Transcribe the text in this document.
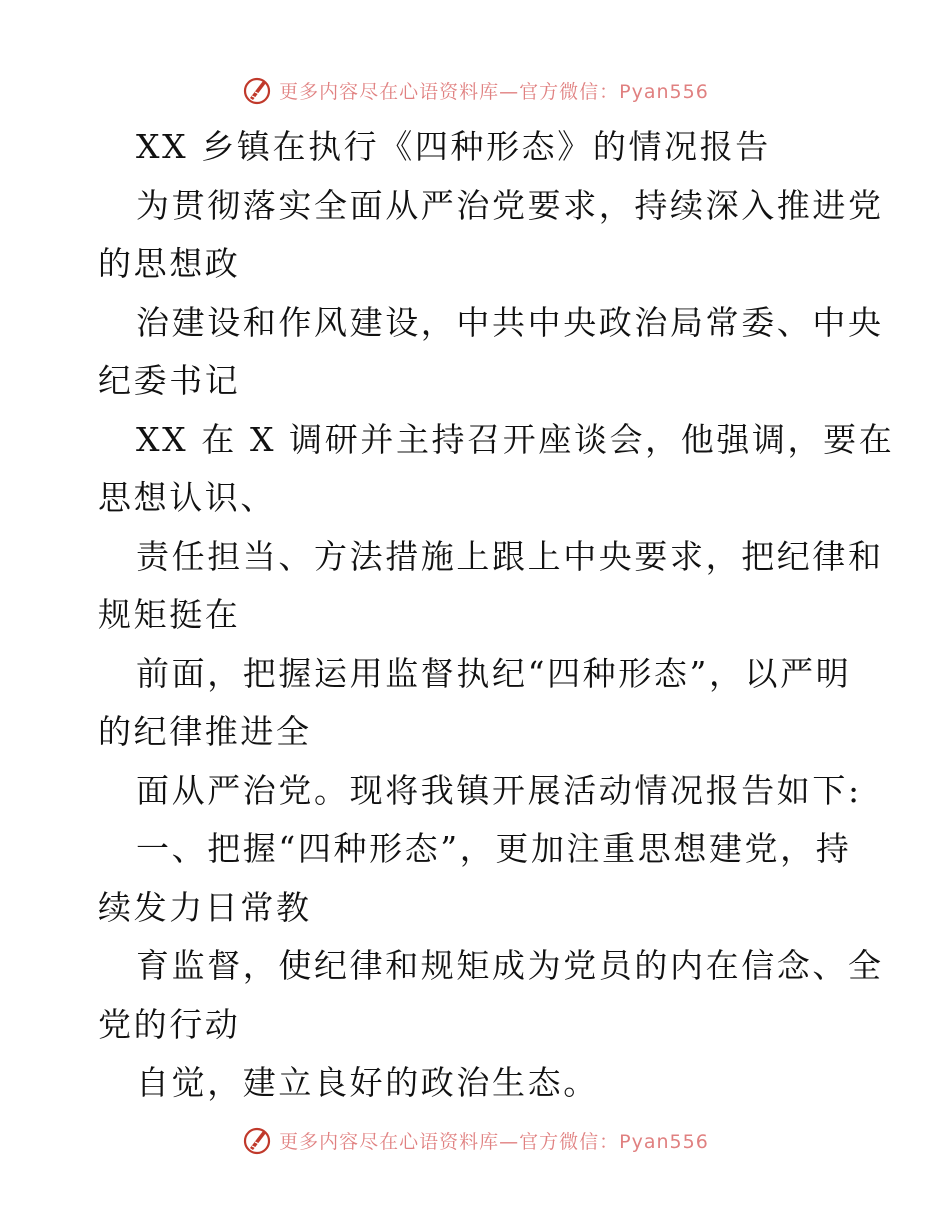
更多内容尽在心语资料库—官方微信：Pyan556
XX 乡镇在执行《四种形态》的情况报告
为贯彻落实全面从严治党要求，持续深入推进党
的思想政
治建设和作风建设，中共中央政治局常委、中央
纪委书记
XX 在 X 调研并主持召开座谈会，他强调，要在
思想认识、
责任担当、方法措施上跟上中央要求，把纪律和
规矩挺在
前面，把握运用监督执纪“四种形态”，以严明
的纪律推进全
面从严治党。现将我镇开展活动情况报告如下:
一、把握“四种形态”，更加注重思想建党，持
续发力日常教
育监督，使纪律和规矩成为党员的内在信念、全
党的行动
自觉，建立良好的政治生态。
更多内容尽在心语资料库—官方微信：Pyan556
